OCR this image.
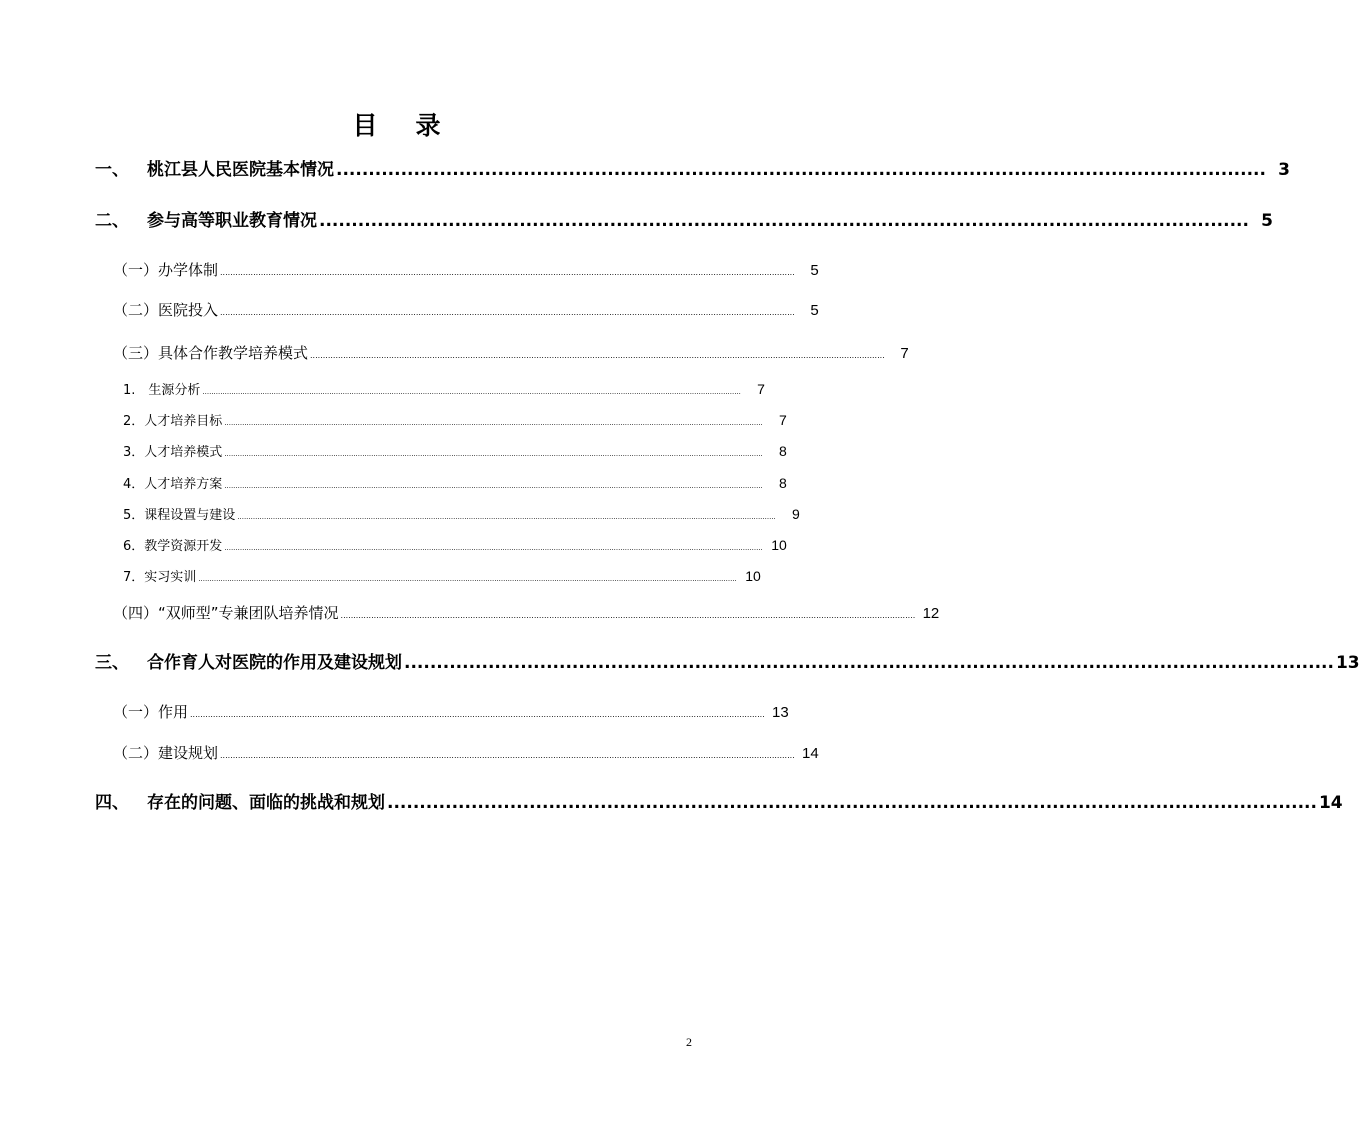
目 录
一、	桃江县人民医院基本情况 ................................................................................................................................................ 3
二、	参与高等职业教育情况 ................................................................................................................................................ 5
（一）办学体制 ..................................................................................................................................................................................................................................	5
（二）医院投入 ..................................................................................................................................................................................................................................	5
（三）具体合作教学培养模式 ..................................................................................................................................................................................................................................	7
1.　生源分析 ..................................................................................................................................................................................................................................................	7
2．人才培养目标 ..................................................................................................................................................................................................................................................	7
3．人才培养模式 ..................................................................................................................................................................................................................................................	8
4．人才培养方案 ..................................................................................................................................................................................................................................................	8
5．课程设置与建设 ..................................................................................................................................................................................................................................................	9
6．教学资源开发 .................................................................................................................................................................................................................................................. 10
7．实习实训 .................................................................................................................................................................................................................................................. 10
（四）“双师型”专兼团队培养情况 .................................................................................................................................................................................................................................. 12
三、	合作育人对医院的作用及建设规划 ................................................................................................................................................ 13
（一）作用 .................................................................................................................................................................................................................................. 13
（二）建设规划 .................................................................................................................................................................................................................................. 14
四、	存在的问题、面临的挑战和规划 ................................................................................................................................................ 14
2
